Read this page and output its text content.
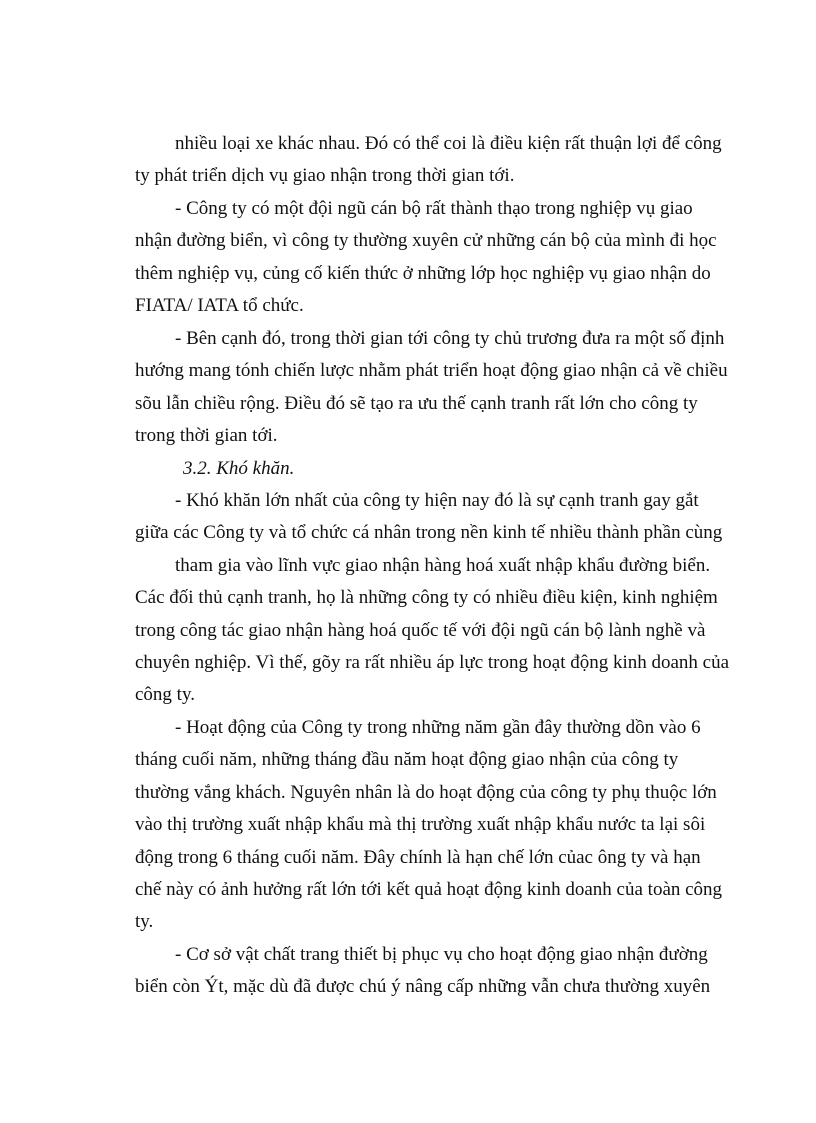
nhiều loại xe khác nhau. Đó có thể coi là điều kiện rất thuận lợi để công
ty phát triển dịch vụ giao nhận trong thời gian tới.
- Công ty có một đội ngũ cán bộ rất thành thạo trong nghiệp vụ giao
nhận đường biển, vì công ty thường xuyên cử những cán bộ của mình đi học
thêm nghiệp vụ, củng cố kiến thức ở những lớp học nghiệp vụ giao nhận do
FIATA/ IATA tổ chức.
- Bên cạnh đó, trong thời gian tới công ty chủ trương đưa ra một số định
hướng mang tónh chiến lược nhằm phát triển hoạt động giao nhận cả về chiều
sõu lẫn chiều rộng. Điều đó sẽ tạo ra ưu thế cạnh tranh rất lớn cho công ty
trong thời gian tới.
3.2. Khó khăn.
- Khó khăn lớn nhất của công ty hiện nay đó là sự cạnh tranh gay gắt
giữa các Công ty và tổ chức cá nhân trong nền kinh tế nhiều thành phần cùng
tham gia vào lĩnh vực giao nhận hàng hoá xuất nhập khẩu đường biển.
Các đối thủ cạnh tranh, họ là những công ty có nhiều điều kiện, kinh nghiệm
trong công tác giao nhận hàng hoá quốc tế với đội ngũ cán bộ lành nghề và
chuyên nghiệp. Vì thế, gõy ra rất nhiều áp lực trong hoạt động kinh doanh của
công ty.
- Hoạt động của Công ty trong những năm gần đây thường dồn vào 6
tháng cuối năm, những tháng đầu năm hoạt động giao nhận của công ty
thường vắng khách. Nguyên nhân là do hoạt động của công ty phụ thuộc lớn
vào thị trường xuất nhập khẩu mà thị trường xuất nhập khẩu nước ta lại sôi
động trong 6 tháng cuối năm. Đây chính là hạn chế lớn củac ông ty và hạn
chế này có ảnh hưởng rất lớn tới kết quả hoạt động kinh doanh của toàn công
ty.
- Cơ sở vật chất trang thiết bị phục vụ cho hoạt động giao nhận đường
biển còn Ýt, mặc dù đã được chú ý nâng cấp những vẫn chưa thường xuyên
